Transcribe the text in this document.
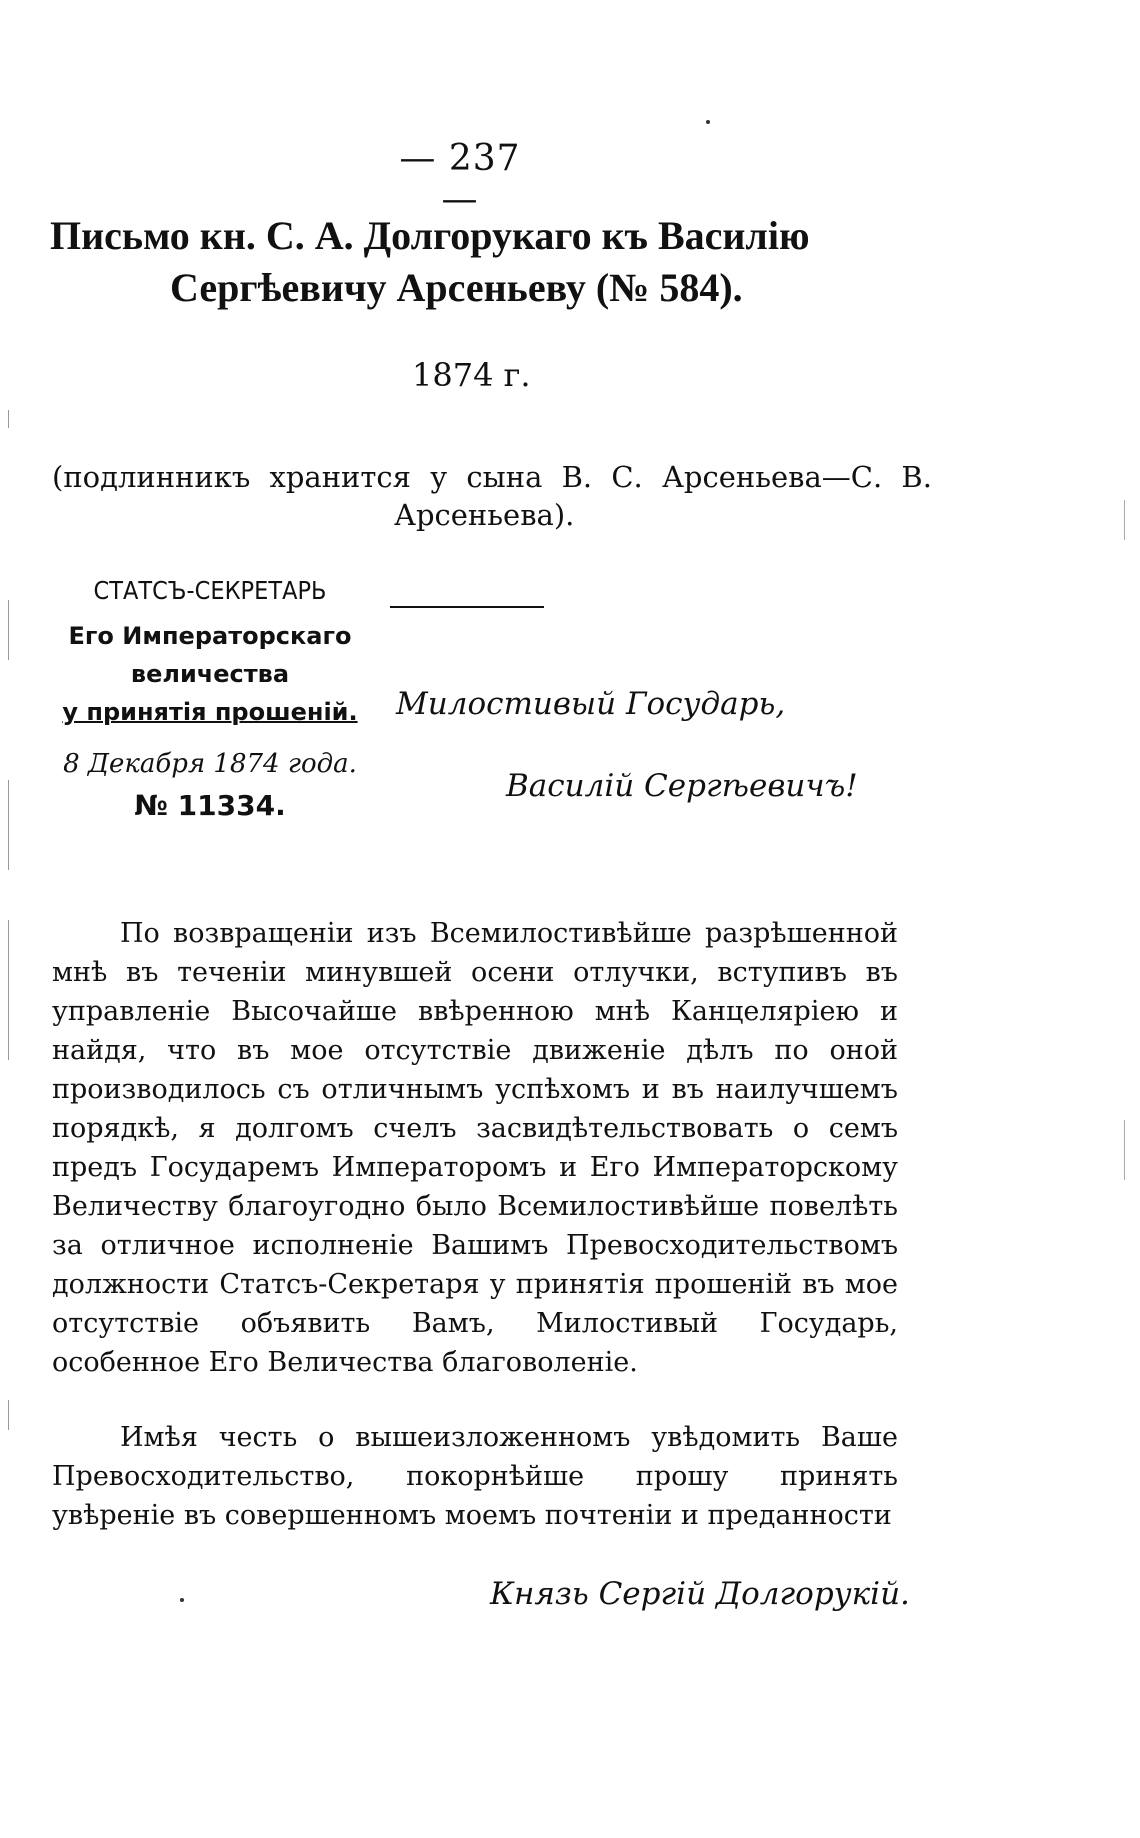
— 237 —
Письмо кн. С. А. Долгорукаго къ Василію
Сергѣевичу Арсеньеву (№ 584).
1874 г.
(подлинникъ хранится у сына В. С. Арсеньева—С. В.
Арсеньева).
СТАТСЪ-СЕКРЕТАРЬ
Его Императорскаго
величества
у принятія прошеній.
8 Декабря 1874 года.
№ 11334.
Милостивый Государь,
Василій Сергѣевичъ!

По возвращеніи изъ Всемилостивѣйше разрѣшенной мнѣ въ теченіи минувшей осени отлучки, вступивъ въ управленіе Высочайше ввѣренною мнѣ Канцеляріею и найдя, что въ мое отсутствіе движеніе дѣлъ по оной производилось съ отличнымъ успѣхомъ и въ наилучшемъ порядкѣ, я долгомъ счелъ засвидѣтельствовать о семъ предъ Государемъ Императоромъ и Его Императорскому Величеству благоугодно было Всемилостивѣйше повелѣть за отличное исполненіе Вашимъ Превосходительствомъ должности Статсъ-Секретаря у принятія прошеній въ мое отсутствіе объявить Вамъ, Милостивый Государь, особенное Его Величества благоволеніе.

Имѣя честь о вышеизложенномъ увѣдомить Ваше Превосходительство, покорнѣйше прошу принять увѣреніе въ совершенномъ моемъ почтеніи и преданности

Князь Сергій Долгорукій.
